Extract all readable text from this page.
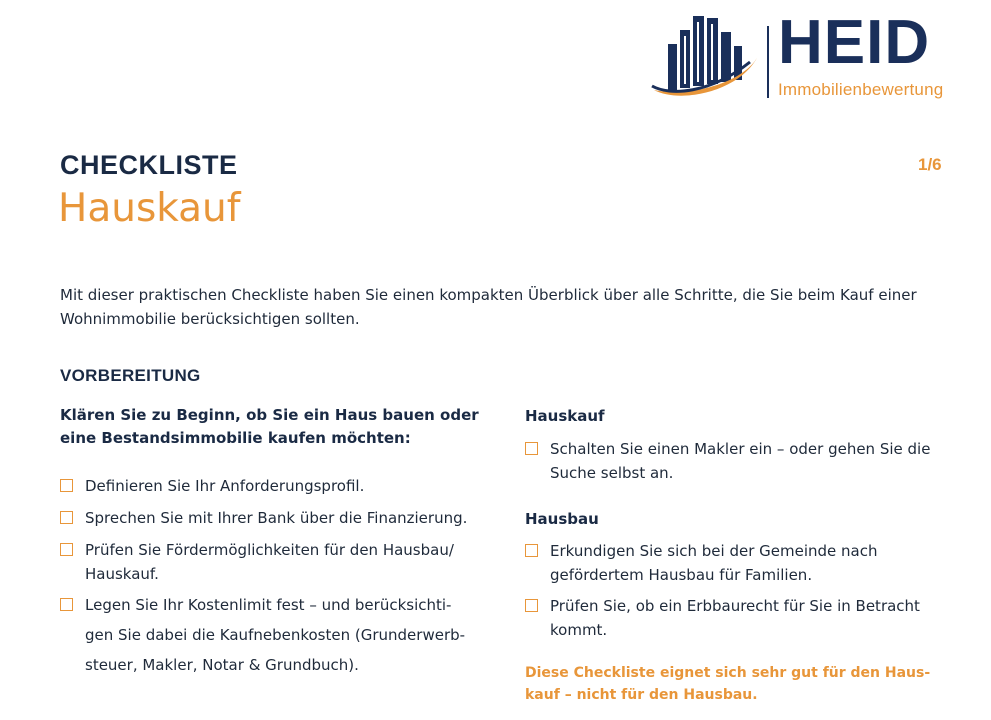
HEID
Immobilienbewertung
CHECKLISTE
Hauskauf
1/6
Mit dieser praktischen Checkliste haben Sie einen kompakten Überblick über alle Schritte, die Sie beim Kauf einer
Wohnimmobilie berücksichtigen sollten.
VORBEREITUNG
Klären Sie zu Beginn, ob Sie ein Haus bauen oder
eine Bestandsimmobilie kaufen möchten:
Definieren Sie Ihr Anforderungsprofil.
Sprechen Sie mit Ihrer Bank über die Finanzierung.
Prüfen Sie Fördermöglichkeiten für den Hausbau/
Hauskauf.
Legen Sie Ihr Kostenlimit fest – und berücksichti-
gen Sie dabei die Kaufnebenkosten (Grunderwerb-
steuer, Makler, Notar & Grundbuch).
Hauskauf
Schalten Sie einen Makler ein – oder gehen Sie die
Suche selbst an.
Hausbau
Erkundigen Sie sich bei der Gemeinde nach
gefördertem Hausbau für Familien.
Prüfen Sie, ob ein Erbbaurecht für Sie in Betracht
kommt.
Diese Checkliste eignet sich sehr gut für den Haus-
kauf – nicht für den Hausbau.
